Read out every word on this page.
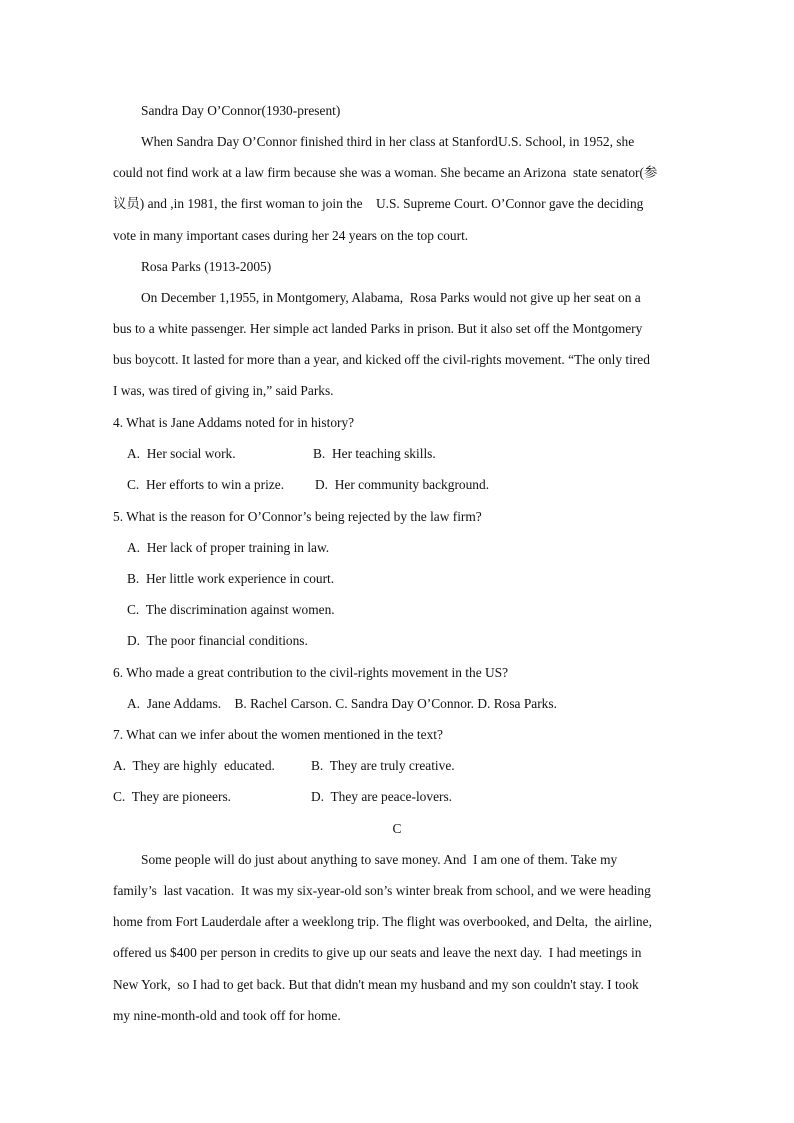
Sandra Day O’Connor(1930-present)
When Sandra Day O’Connor finished third in her class at StanfordU.S. School, in 1952, she
could not find work at a law firm because she was a woman. She became an Arizona  state senator(参
议员) and ,in 1981, the first woman to join the    U.S. Supreme Court. O’Connor gave the deciding
vote in many important cases during her 24 years on the top court.
Rosa Parks (1913-2005)
On December 1,1955, in Montgomery, Alabama,  Rosa Parks would not give up her seat on a
bus to a white passenger. Her simple act landed Parks in prison. But it also set off the Montgomery
bus boycott. It lasted for more than a year, and kicked off the civil-rights movement. “The only tired
I was, was tired of giving in,” said Parks.
4. What is Jane Addams noted for in history?
A.  Her social work.	B.  Her teaching skills.
C.  Her efforts to win a prize. D.  Her community background.
5. What is the reason for O’Connor’s being rejected by the law firm?
A.  Her lack of proper training in law.
B.  Her little work experience in court.
C.  The discrimination against women.
D.  The poor financial conditions.
6. Who made a great contribution to the civil-rights movement in the US?
A.  Jane Addams.    B. Rachel Carson. C. Sandra Day O’Connor. D. Rosa Parks.
7. What can we infer about the women mentioned in the text?
A.  They are highly  educated.	B.  They are truly creative.
C.  They are pioneers.	D.  They are peace-lovers.
C
Some people will do just about anything to save money. And  I am one of them. Take my
family’s  last vacation.  It was my six-year-old son’s winter break from school, and we were heading
home from Fort Lauderdale after a weeklong trip. The flight was overbooked, and Delta,  the airline,
offered us $400 per person in credits to give up our seats and leave the next day.  I had meetings in
New York,  so I had to get back. But that didn't mean my husband and my son couldn't stay. I took
my nine-month-old and took off for home.
